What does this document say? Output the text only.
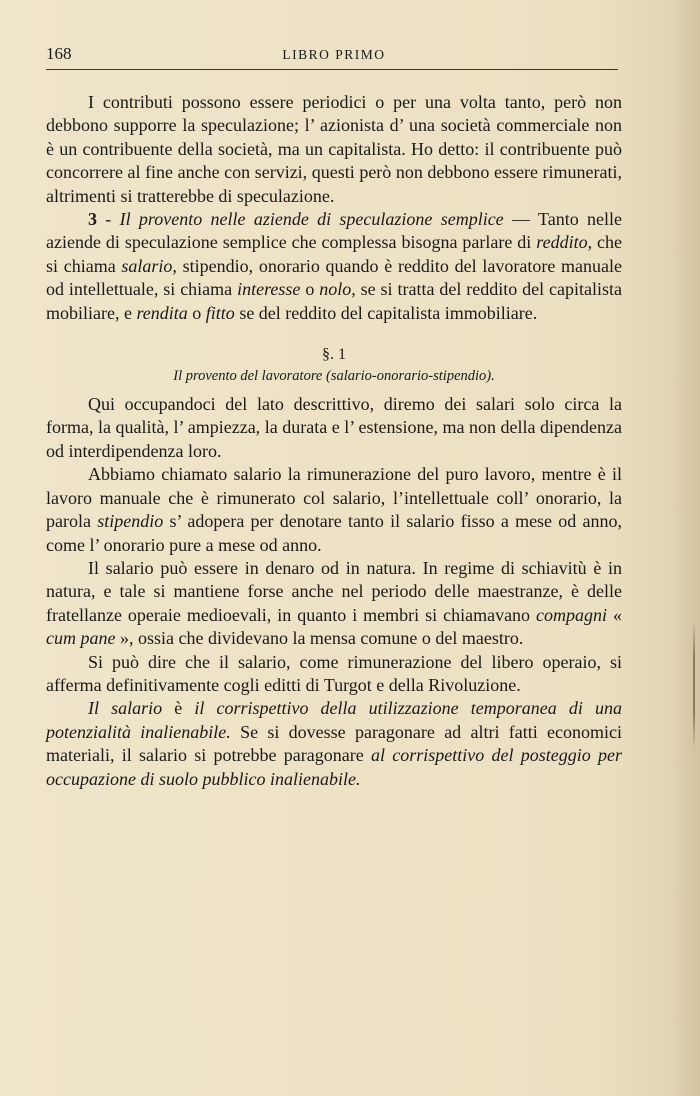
168	LIBRO PRIMO

I contributi possono essere periodici o per una volta tanto, però non debbono supporre la speculazione; l’ azionista d’ una società commerciale non è un contribuente della società, ma un capitalista. Ho detto: il contribuente può concorrere al fine anche con servizi, questi però non debbono essere rimunerati, altrimenti si tratterebbe di speculazione.

3 - Il provento nelle aziende di speculazione semplice — Tanto nelle aziende di speculazione semplice che complessa bisogna parlare di reddito, che si chiama salario, stipendio, onorario quando è reddito del lavoratore manuale od intellettuale, si chiama interesse o nolo, se si tratta del reddito del capitalista mobiliare, e rendita o fitto se del reddito del capitalista immobiliare.

§. 1
Il provento del lavoratore (salario-onorario-stipendio).

Qui occupandoci del lato descrittivo, diremo dei salari solo circa la forma, la qualità, l’ ampiezza, la durata e l’ estensione, ma non della dipendenza od interdipendenza loro.

Abbiamo chiamato salario la rimunerazione del puro lavoro, mentre è il lavoro manuale che è rimunerato col salario, l’intellettuale coll’ onorario, la parola stipendio s’ adopera per denotare tanto il salario fisso a mese od anno, come l’ onorario pure a mese od anno.

Il salario può essere in denaro od in natura. In regime di schiavitù è in natura, e tale si mantiene forse anche nel periodo delle maestranze, è delle fratellanze operaie medioevali, in quanto i membri si chiamavano compagni « cum pane », ossia che dividevano la mensa comune o del maestro.

Si può dire che il salario, come rimunerazione del libero operaio, si afferma definitivamente cogli editti di Turgot e della Rivoluzione.

Il salario è il corrispettivo della utilizzazione temporanea di una potenzialità inalienabile. Se si dovesse paragonare ad altri fatti economici materiali, il salario si potrebbe paragonare al corrispettivo del posteggio per occupazione di suolo pubblico inalienabile.
